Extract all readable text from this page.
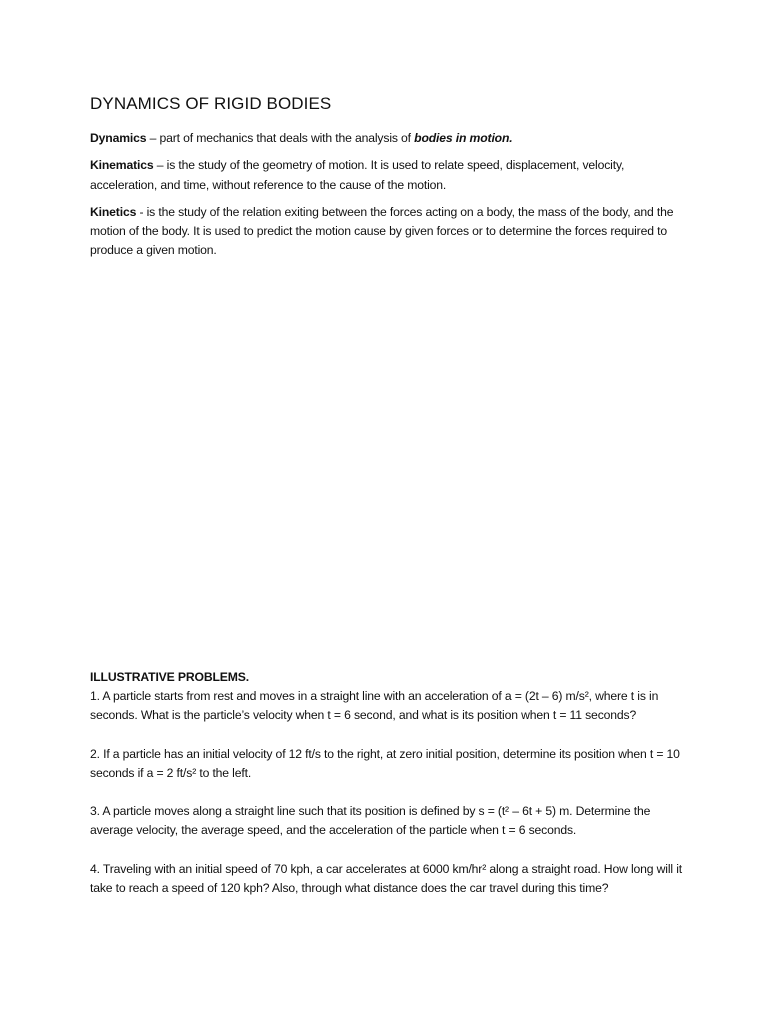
DYNAMICS OF RIGID BODIES

Dynamics – part of mechanics that deals with the analysis of bodies in motion.

Kinematics – is the study of the geometry of motion. It is used to relate speed, displacement, velocity, acceleration, and time, without reference to the cause of the motion.

Kinetics - is the study of the relation exiting between the forces acting on a body, the mass of the body, and the motion of the body. It is used to predict the motion cause by given forces or to determine the forces required to produce a given motion.

ILLUSTRATIVE PROBLEMS.

1. A particle starts from rest and moves in a straight line with an acceleration of a = (2t – 6) m/s², where t is in seconds. What is the particle’s velocity when t = 6 second, and what is its position when t = 11 seconds?

2. If a particle has an initial velocity of 12 ft/s to the right, at zero initial position, determine its position when t = 10 seconds if a = 2 ft/s² to the left.

3. A particle moves along a straight line such that its position is defined by s = (t² – 6t + 5) m. Determine the average velocity, the average speed, and the acceleration of the particle when t = 6 seconds.

4. Traveling with an initial speed of 70 kph, a car accelerates at 6000 km/hr² along a straight road. How long will it take to reach a speed of 120 kph? Also, through what distance does the car travel during this time?
